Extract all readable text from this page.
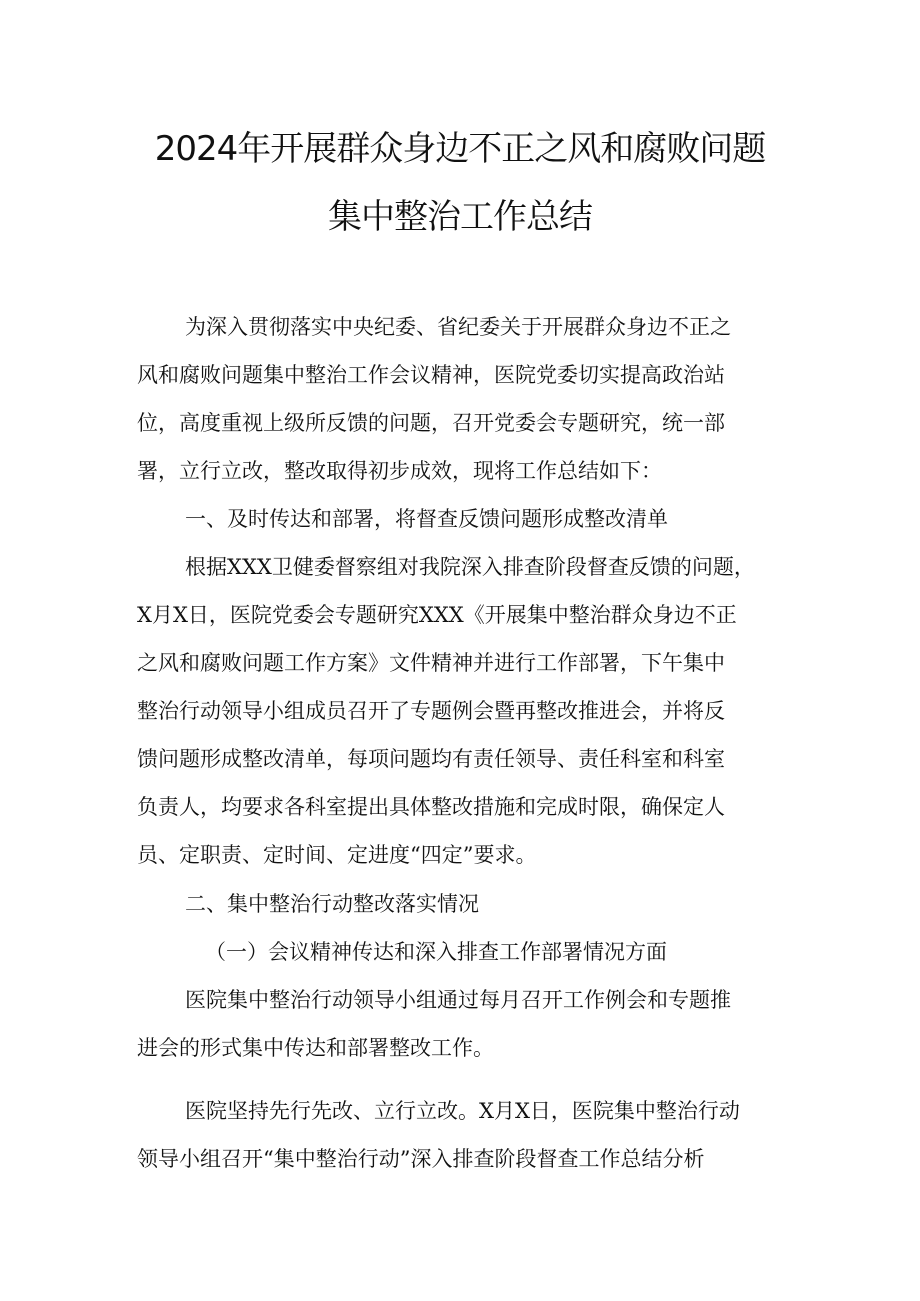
2024年开展群众身边不正之风和腐败问题
集中整治工作总结
为深入贯彻落实中央纪委、省纪委关于开展群众身边不正之
风和腐败问题集中整治工作会议精神，医院党委切实提高政治站
位，高度重视上级所反馈的问题，召开党委会专题研究，统一部
署，立行立改，整改取得初步成效，现将工作总结如下：
一、及时传达和部署，将督查反馈问题形成整改清单
根据XXX卫健委督察组对我院深入排查阶段督查反馈的问题，
X月X日，医院党委会专题研究XXX《开展集中整治群众身边不正
之风和腐败问题工作方案》文件精神并进行工作部署，下午集中
整治行动领导小组成员召开了专题例会暨再整改推进会，并将反
馈问题形成整改清单，每项问题均有责任领导、责任科室和科室
负责人，均要求各科室提出具体整改措施和完成时限，确保定人
员、定职责、定时间、定进度“四定”要求。
二、集中整治行动整改落实情况
（一）会议精神传达和深入排查工作部署情况方面
医院集中整治行动领导小组通过每月召开工作例会和专题推
进会的形式集中传达和部署整改工作。
医院坚持先行先改、立行立改。X月X日，医院集中整治行动
领导小组召开“集中整治行动”深入排查阶段督查工作总结分析
